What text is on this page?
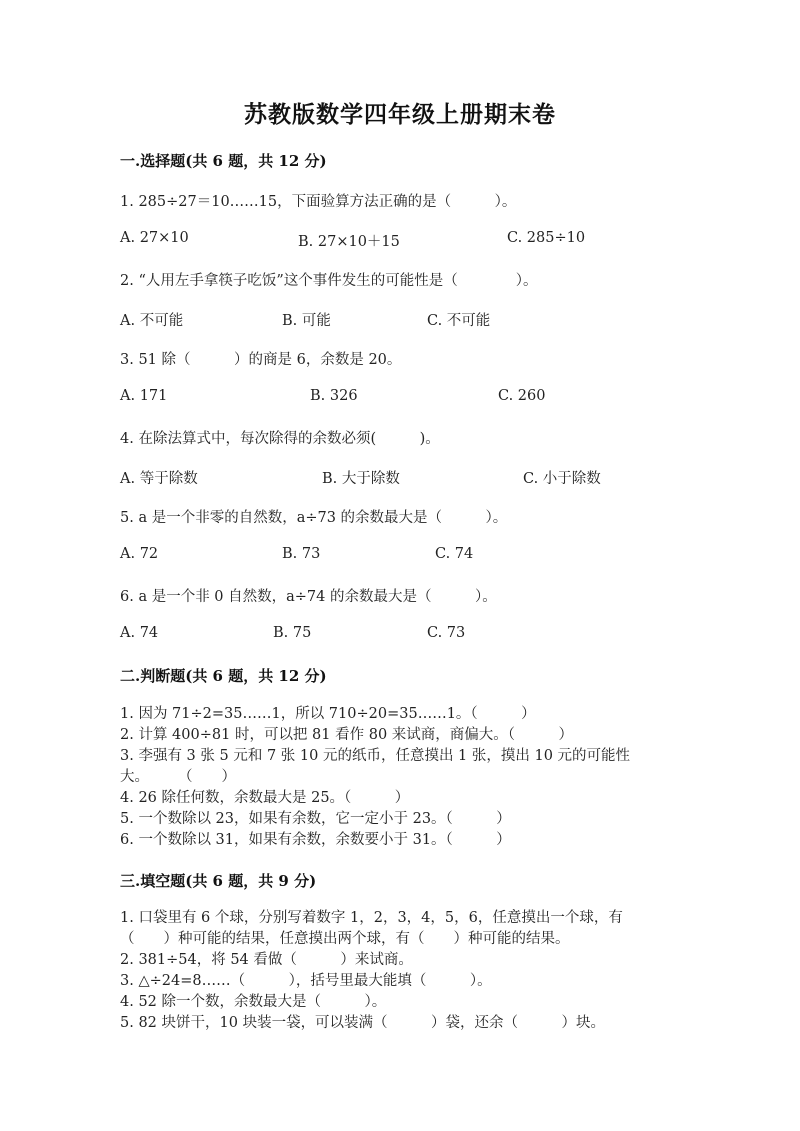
苏教版数学四年级上册期末卷
一.选择题(共 6 题，共 12 分)
1. 285÷27＝10……15，下面验算方法正确的是（　　　）。
A. 27×10	B. 27×10＋15	C. 285÷10
2. “人用左手拿筷子吃饭”这个事件发生的可能性是（　　　　）。
A. 不可能	B. 可能	C. 不可能
3. 51 除（　　　）的商是 6，余数是 20。
A. 171	B. 326	C. 260
4. 在除法算式中，每次除得的余数必须(　　　)。
A. 等于除数	B. 大于除数	C. 小于除数
5. a 是一个非零的自然数，a÷73 的余数最大是（　　　）。
A. 72	B. 73	C. 74
6. a 是一个非 0 自然数，a÷74 的余数最大是（　　　）。
A. 74	B. 75	C. 73
二.判断题(共 6 题，共 12 分)
1. 因为 71÷2=35……1，所以 710÷20=35……1。（　　　）
2. 计算 400÷81 时，可以把 81 看作 80 来试商，商偏大。（　　　）
3. 李强有 3 张 5 元和 7 张 10 元的纸币，任意摸出 1 张，摸出 10 元的可能性
大。　　　（　　）
4. 26 除任何数，余数最大是 25。（　　　）
5. 一个数除以 23，如果有余数，它一定小于 23。（　　　）
6. 一个数除以 31，如果有余数，余数要小于 31。（　　　）
三.填空题(共 6 题，共 9 分)
1. 口袋里有 6 个球，分别写着数字 1，2，3，4，5，6，任意摸出一个球，有
（　　）种可能的结果，任意摸出两个球，有（　　）种可能的结果。
2. 381÷54，将 54 看做（　　　）来试商。
3. △÷24=8……（　　　），括号里最大能填（　　　）。
4. 52 除一个数，余数最大是（　　　）。
5. 82 块饼干，10 块装一袋，可以装满（　　　）袋，还余（　　　）块。
